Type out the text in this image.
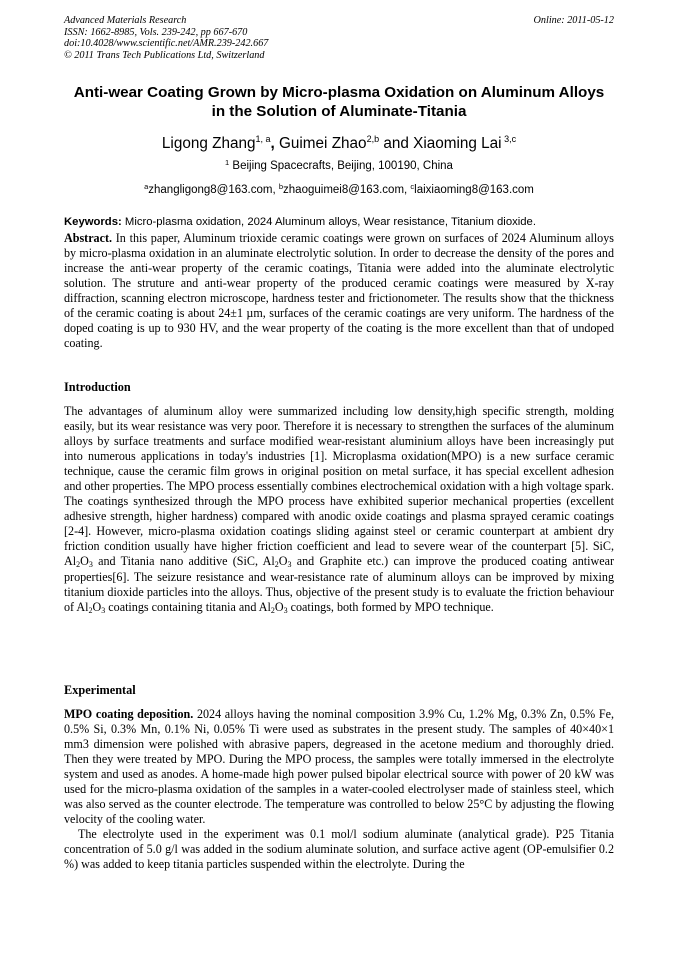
Advanced Materials Research
ISSN: 1662-8985, Vols. 239-242, pp 667-670
doi:10.4028/www.scientific.net/AMR.239-242.667
© 2011 Trans Tech Publications Ltd, Switzerland
Online: 2011-05-12
Anti-wear Coating Grown by Micro-plasma Oxidation on Aluminum Alloys in the Solution of Aluminate-Titania
Ligong Zhang$^{1, a}$, Guimei Zhao$^{2,b}$ and Xiaoming Lai $^{3,c}$
$^1$ Beijing Spacecrafts, Beijing, 100190, China
$^a$zhangligong8@163.com, $^b$zhaoguimei8@163.com, $^c$laixiaoming8@163.com
Keywords: Micro-plasma oxidation, 2024 Aluminum alloys, Wear resistance, Titanium dioxide.

Abstract. In this paper, Aluminum trioxide ceramic coatings were grown on surfaces of 2024 Aluminum alloys by micro-plasma oxidation in an aluminate electrolytic solution. In order to decrease the density of the pores and increase the anti-wear property of the ceramic coatings, Titania were added into the aluminate electrolytic solution. The struture and anti-wear property of the produced ceramic coatings were measured by X-ray diffraction, scanning electron microscope, hardness tester and frictionometer. The results show that the thickness of the ceramic coating is about 24±1 µm, surfaces of the ceramic coatings are very uniform. The hardness of the doped coating is up to 930 HV, and the wear property of the coating is the more excellent than that of undoped coating.

Introduction

The advantages of aluminum alloy were summarized including low density,high specific strength, molding easily, but its wear resistance was very poor. Therefore it is necessary to strengthen the surfaces of the aluminum alloys by surface treatments and surface modified wear-resistant aluminium alloys have been increasingly put into numerous applications in today's industries [1]. Microplasma oxidation(MPO) is a new surface ceramic technique, cause the ceramic film grows in original position on metal surface, it has special excellent adhesion and other properties. The MPO process essentially combines electrochemical oxidation with a high voltage spark. The coatings synthesized through the MPO process have exhibited superior mechanical properties (excellent adhesive strength, higher hardness) compared with anodic oxide coatings and plasma sprayed ceramic coatings [2-4]. However, micro-plasma oxidation coatings sliding against steel or ceramic counterpart at ambient dry friction condition usually have higher friction coefficient and lead to severe wear of the counterpart [5]. SiC, $Al_2O_3$ and Titania nano additive (SiC, $Al_2O_3$ and Graphite etc.) can improve the produced coating antiwear properties[6]. The seizure resistance and wear-resistance rate of aluminum alloys can be improved by mixing titanium dioxide particles into the alloys. Thus, objective of the present study is to evaluate the friction behaviour of $Al_2O_3$ coatings containing titania and $Al_2O_3$ coatings, both formed by MPO technique.

Experimental

MPO coating deposition. 2024 alloys having the nominal composition 3.9% Cu, 1.2% Mg, 0.3% Zn, 0.5% Fe, 0.5% Si, 0.3% Mn, 0.1% Ni, 0.05% Ti were used as substrates in the present study. The samples of 40×40×1 mm3 dimension were polished with abrasive papers, degreased in the acetone medium and thoroughly dried. Then they were treated by MPO. During the MPO process, the samples were totally immersed in the electrolyte system and used as anodes. A home-made high power pulsed bipolar electrical source with power of 20 kW was used for the micro-plasma oxidation of the samples in a water-cooled electrolyser made of stainless steel, which was also served as the counter electrode. The temperature was controlled to below 25°C by adjusting the flowing velocity of the cooling water.

The electrolyte used in the experiment was 0.1 mol/l sodium aluminate (analytical grade). P25 Titania concentration of 5.0 g/l was added in the sodium aluminate solution, and surface active agent (OP-emulsifier 0.2 %) was added to keep titania particles suspended within the electrolyte. During the
